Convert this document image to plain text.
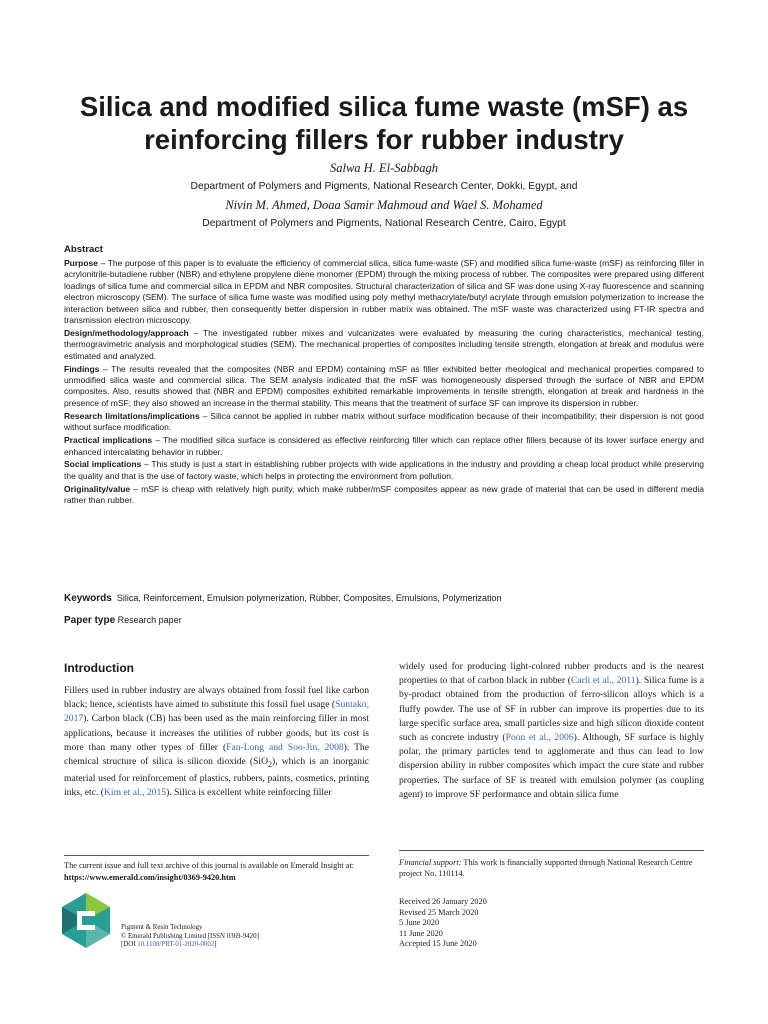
Silica and modified silica fume waste (mSF) as reinforcing fillers for rubber industry

Salwa H. El-Sabbagh

Department of Polymers and Pigments, National Research Center, Dokki, Egypt, and

Nivin M. Ahmed, Doaa Samir Mahmoud and Wael S. Mohamed

Department of Polymers and Pigments, National Research Centre, Cairo, Egypt

Abstract

Purpose – The purpose of this paper is to evaluate the efficiency of commercial silica, silica fume-waste (SF) and modified silica fume-waste (mSF) as reinforcing filler in acrylonitrile-butadiene rubber (NBR) and ethylene propylene diene monomer (EPDM) through the mixing process of rubber. The composites were prepared using different loadings of silica fume and commercial silica in EPDM and NBR composites. Structural characterization of silica and SF was done using X-ray fluorescence and scanning electron microscopy (SEM). The surface of silica fume waste was modified using poly methyl methacrylate/butyl acrylate through emulsion polymerization to increase the interaction between silica and rubber, then consequently better dispersion in rubber matrix was obtained. The mSF waste was characterized using FT-IR spectra and transmission electron microscopy.

Design/methodology/approach – The investigated rubber mixes and vulcanizates were evaluated by measuring the curing characteristics, mechanical testing, thermogravimetric analysis and morphological studies (SEM). The mechanical properties of composites including tensile strength, elongation at break and modulus were estimated and analyzed.

Findings – The results revealed that the composites (NBR and EPDM) containing mSF as filler exhibited better rheological and mechanical properties compared to unmodified silica waste and commercial silica. The SEM analysis indicated that the mSF was homogeneously dispersed through the surface of NBR and EPDM composites. Also, results showed that (NBR and EPDM) composites exhibited remarkable improvements in tensile strength, elongation at break and hardness in the presence of mSF; they also showed an increase in the thermal stability. This means that the treatment of surface SF can improve its dispersion in rubber.

Research limitations/implications – Silica cannot be applied in rubber matrix without surface modification because of their incompatibility; their dispersion is not good without surface modification.

Practical implications – The modified silica surface is considered as effective reinforcing filler which can replace other fillers because of its lower surface energy and enhanced intercalating behavior in rubber.

Social implications – This study is just a start in establishing rubber projects with wide applications in the industry and providing a cheap local product while preserving the quality and that is the use of factory waste, which helps in protecting the environment from pollution.

Originality/value – mSF is cheap with relatively high purity, which make rubber/mSF composites appear as new grade of material that can be used in different media rather than rubber.

Keywords Silica, Reinforcement, Emulsion polymerization, Rubber, Composites, Emulsions, Polymerization
Paper type Research paper
Introduction

Fillers used in rubber industry are always obtained from fossil fuel like carbon black; hence, scientists have aimed to substitute this fossil fuel usage (Suntako, 2017). Carbon black (CB) has been used as the main reinforcing filler in most applications, because it increases the utilities of rubber goods, but its cost is more than many other types of filler (Fan-Long and Soo-Jin, 2008). The chemical structure of silica is silicon dioxide (SiO$_2$), which is an inorganic material used for reinforcement of plastics, rubbers, paints, cosmetics, printing inks, etc. (Kim et al., 2015). Silica is excellent white reinforcing filler

widely used for producing light-colored rubber products and is the nearest properties to that of carbon black in rubber (Carli et al., 2011). Silica fume is a by-product obtained from the production of ferro-silicon alloys which is a fluffy powder. The use of SF in rubber can improve its properties due to its large specific surface area, small particles size and high silicon dioxide content such as concrete industry (Poon et al., 2006). Although, SF surface is highly polar, the primary particles tend to agglomerate and thus can lead to low dispersion ability in rubber composites which impact the cure state and rubber properties. The surface of SF is treated with emulsion polymer (as coupling agent) to improve SF performance and obtain silica fume

The current issue and full text archive of this journal is available on Emerald Insight at: https://www.emerald.com/insight/0369-9420.htm
Pigment & Resin Technology
© Emerald Publishing Limited [ISSN 0369-9420]
[DOI 10.1108/PRT-01-2020-0002]
Financial support: This work is financially supported through National Research Centre project No. 110114.
Received 26 January 2020
Revised 25 March 2020
5 June 2020
11 June 2020
Accepted 15 June 2020
